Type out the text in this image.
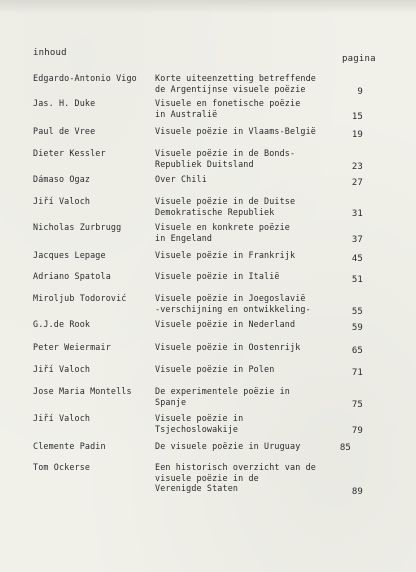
inhoud
pagina
Edgardo-Antonio Vigo	Korte uiteenzetting betreffende
de Argentijnse visuele poëzie	9
Jas. H. Duke	Visuele en fonetische poëzie
in Australië	15
Paul de Vree	Visuele poëzie in Vlaams-België	19
Dieter Kessler	Visuele poëzie in de Bonds-
Republiek Duitsland	23
Dámaso Ogaz	Over Chili	27
Jiří Valoch	Visuele poëzie in de Duitse
Demokratische Republiek	31
Nicholas Zurbrugg	Visuele en konkrete poëzie
in Engeland	37
Jacques Lepage	Visuele poëzie in Frankrijk	45
Adriano Spatola	Visuele poëzie in Italië	51
Miroljub Todorović	Visuele poëzie in Joegoslavië
-verschijning en ontwikkeling-	55
G.J.de Rook	Visuele poëzie in Nederland	59
Peter Weiermair	Visuele poëzie in Oostenrijk	65
Jiří Valoch	Visuele poëzie in Polen	71
Jose Maria Montells	De experimentele poëzie in
Spanje	75
Jiří Valoch	Visuele poëzie in
Tsjechoslowakije	79
Clemente Padin	De visuele poëzie in Uruguay	85
Tom Ockerse	Een historisch overzicht van de
visuele poëzie in de
Verenigde Staten	89
